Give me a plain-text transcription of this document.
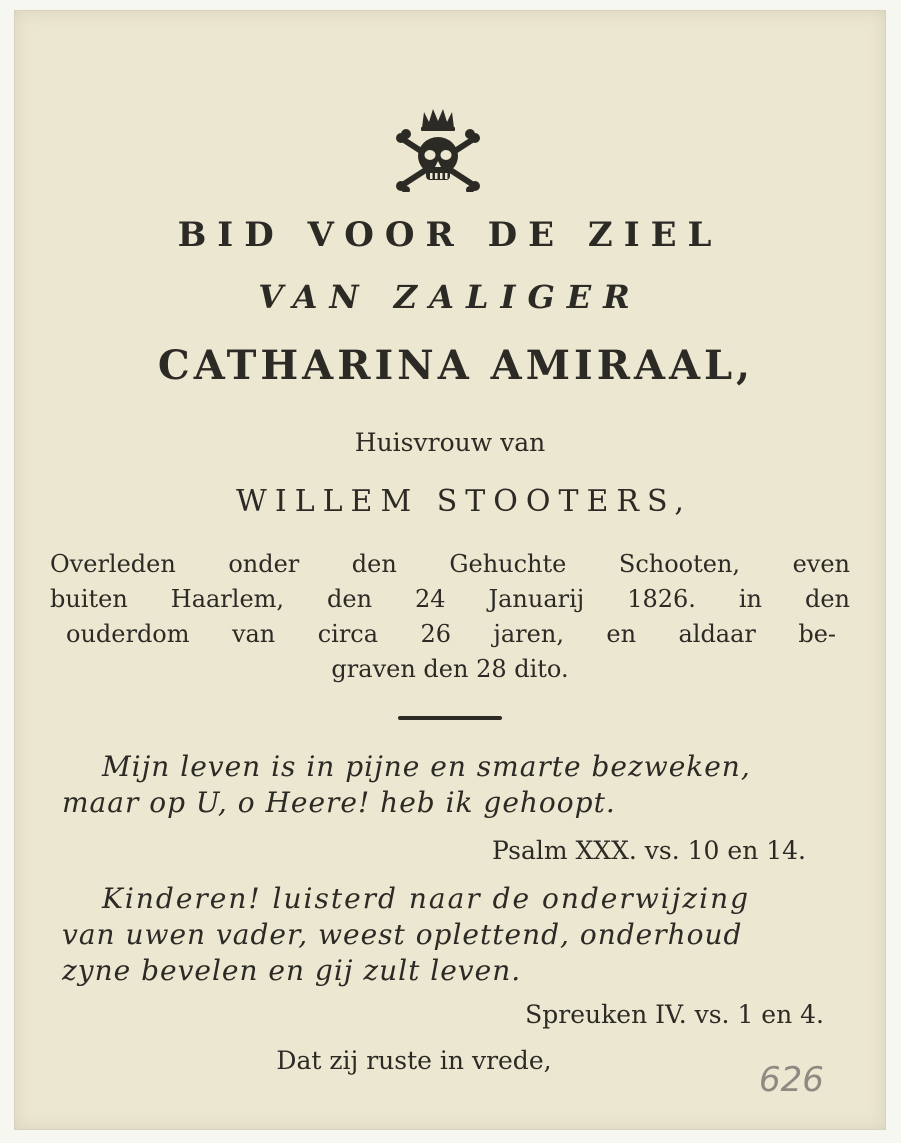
BID VOOR DE ZIEL
VAN ZALIGER
CATHARINA AMIRAAL,
Huisvrouw van
WILLEM STOOTERS,
Overleden onder den Gehuchte Schooten, even
buiten Haarlem, den 24 Januarij 1826. in den
ouderdom van circa 26 jaren, en aldaar be-
graven den 28 dito.
Mijn leven is in pijne en smarte bezweken,
maar op U, o Heere! heb ik gehoopt.
Psalm XXX. vs. 10 en 14.
Kinderen! luisterd naar de onderwijzing
van uwen vader, weest oplettend, onderhoud
zyne bevelen en gij zult leven.
Spreuken IV. vs. 1 en 4.
Dat zij ruste in vrede,	626
